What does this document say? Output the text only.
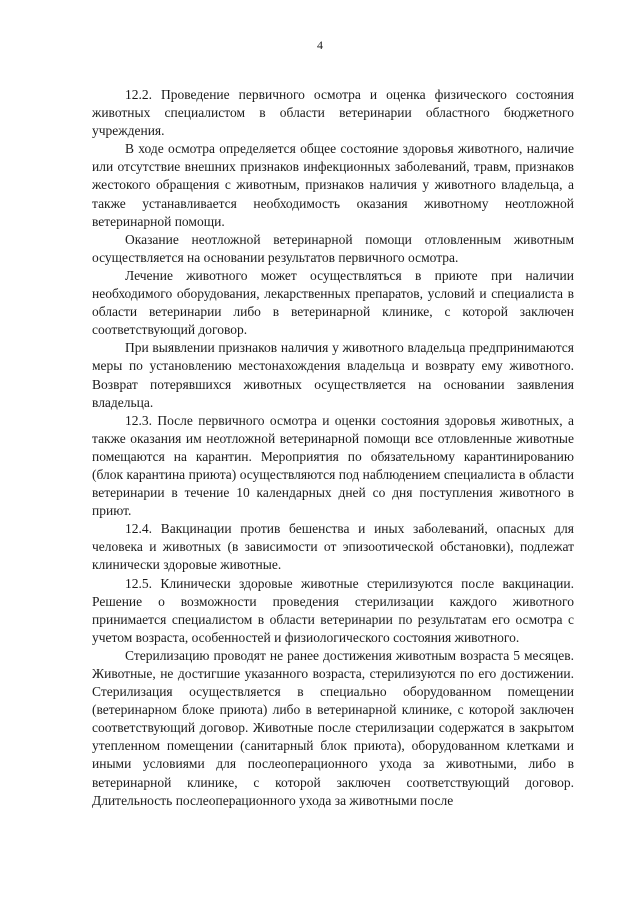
4

12.2. Проведение первичного осмотра и оценка физического состояния животных специалистом в области ветеринарии областного бюджетного учреждения.

В ходе осмотра определяется общее состояние здоровья животного, наличие или отсутствие внешних признаков инфекционных заболеваний, травм, признаков жестокого обращения с животным, признаков наличия у животного владельца, а также устанавливается необходимость оказания животному неотложной ветеринарной помощи.

Оказание неотложной ветеринарной помощи отловленным животным осуществляется на основании результатов первичного осмотра.

Лечение животного может осуществляться в приюте при наличии необходимого оборудования, лекарственных препаратов, условий и специалиста в области ветеринарии либо в ветеринарной клинике, с которой заключен соответствующий договор.

При выявлении признаков наличия у животного владельца предпринимаются меры по установлению местонахождения владельца и возврату ему животного. Возврат потерявшихся животных осуществляется на основании заявления владельца.

12.3. После первичного осмотра и оценки состояния здоровья животных, а также оказания им неотложной ветеринарной помощи все отловленные животные помещаются на карантин. Мероприятия по обязательному карантинированию (блок карантина приюта) осуществляются под наблюдением специалиста в области ветеринарии в течение 10 календарных дней со дня поступления животного в приют.

12.4. Вакцинации против бешенства и иных заболеваний, опасных для человека и животных (в зависимости от эпизоотической обстановки), подлежат клинически здоровые животные.

12.5. Клинически здоровые животные стерилизуются после вакцинации. Решение о возможности проведения стерилизации каждого животного принимается специалистом в области ветеринарии по результатам его осмотра с учетом возраста, особенностей и физиологического состояния животного.

Стерилизацию проводят не ранее достижения животным возраста 5 месяцев. Животные, не достигшие указанного возраста, стерилизуются по его достижении. Стерилизация осуществляется в специально оборудованном помещении (ветеринарном блоке приюта) либо в ветеринарной клинике, с которой заключен соответствующий договор. Животные после стерилизации содержатся в закрытом утепленном помещении (санитарный блок приюта), оборудованном клетками и иными условиями для послеоперационного ухода за животными, либо в ветеринарной клинике, с которой заключен соответствующий договор. Длительность послеоперационного ухода за животными после
